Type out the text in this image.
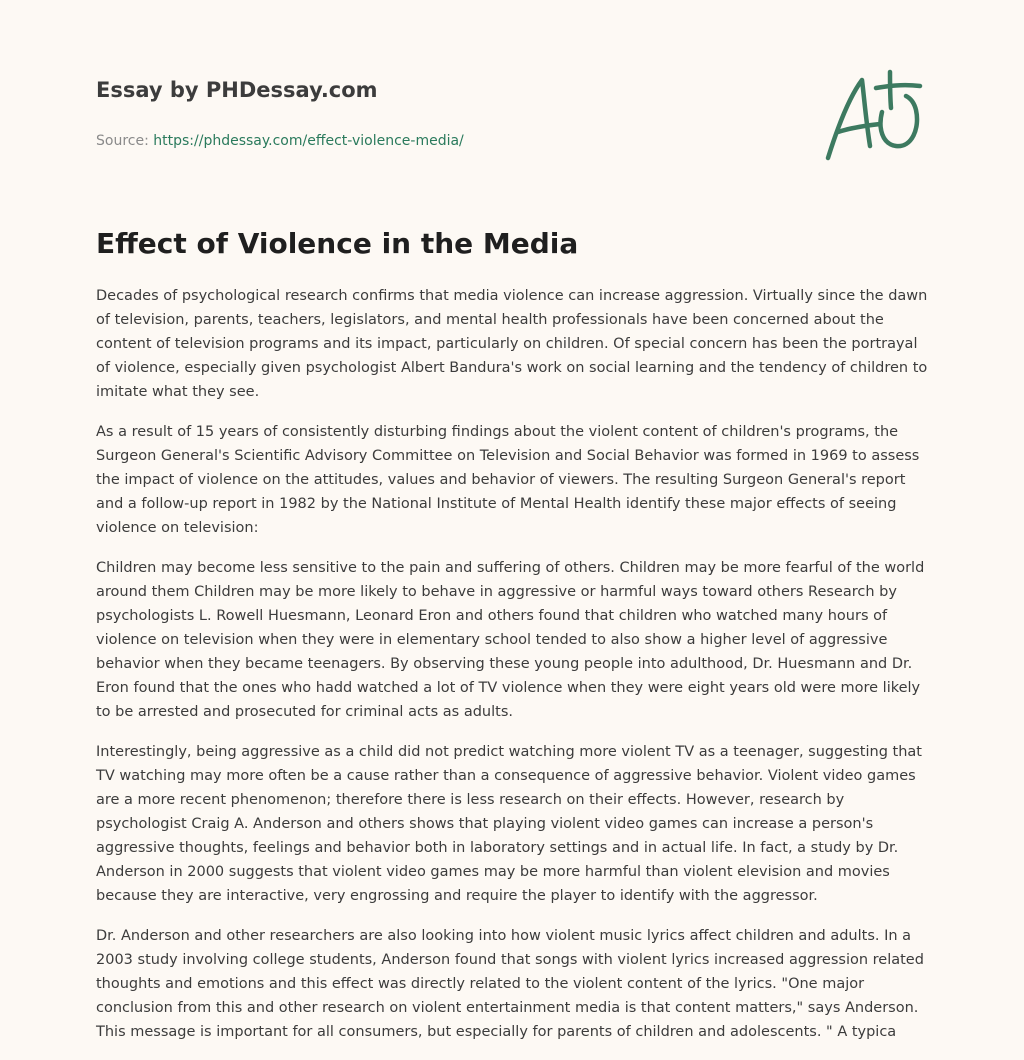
Essay by PHDessay.com
Source: https://phdessay.com/effect-violence-media/
Effect of Violence in the Media

Decades of psychological research confirms that media violence can increase aggression. Virtually since the dawn of television, parents, teachers, legislators, and mental health professionals have been concerned about the content of television programs and its impact, particularly on children. Of special concern has been the portrayal of violence, especially given psychologist Albert Bandura's work on social learning and the tendency of children to imitate what they see.

As a result of 15 years of consistently disturbing findings about the violent content of children's programs, the Surgeon General's Scientific Advisory Committee on Television and Social Behavior was formed in 1969 to assess the impact of violence on the attitudes, values and behavior of viewers. The resulting Surgeon General's report and a follow-up report in 1982 by the National Institute of Mental Health identify these major effects of seeing violence on television:

Children may become less sensitive to the pain and suffering of others. Children may be more fearful of the world around them Children may be more likely to behave in aggressive or harmful ways toward others Research by psychologists L. Rowell Huesmann, Leonard Eron and others found that children who watched many hours of violence on television when they were in elementary school tended to also show a higher level of aggressive behavior when they became teenagers. By observing these young people into adulthood, Dr. Huesmann and Dr. Eron found that the ones who hadd watched a lot of TV violence when they were eight years old were more likely to be arrested and prosecuted for criminal acts as adults.

Interestingly, being aggressive as a child did not predict watching more violent TV as a teenager, suggesting that TV watching may more often be a cause rather than a consequence of aggressive behavior. Violent video games are a more recent phenomenon; therefore there is less research on their effects. However, research by psychologist Craig A. Anderson and others shows that playing violent video games can increase a person's aggressive thoughts, feelings and behavior both in laboratory settings and in actual life. In fact, a study by Dr. Anderson in 2000 suggests that violent video games may be more harmful than violent elevision and movies because they are interactive, very engrossing and require the player to identify with the aggressor.

Dr. Anderson and other researchers are also looking into how violent music lyrics affect children and adults. In a 2003 study involving college students, Anderson found that songs with violent lyrics increased aggression related thoughts and emotions and this effect was directly related to the violent content of the lyrics. "One major conclusion from this and other research on violent entertainment media is that content matters," says Anderson. This message is important for all consumers, but especially for parents of children and adolescents. " A typica
